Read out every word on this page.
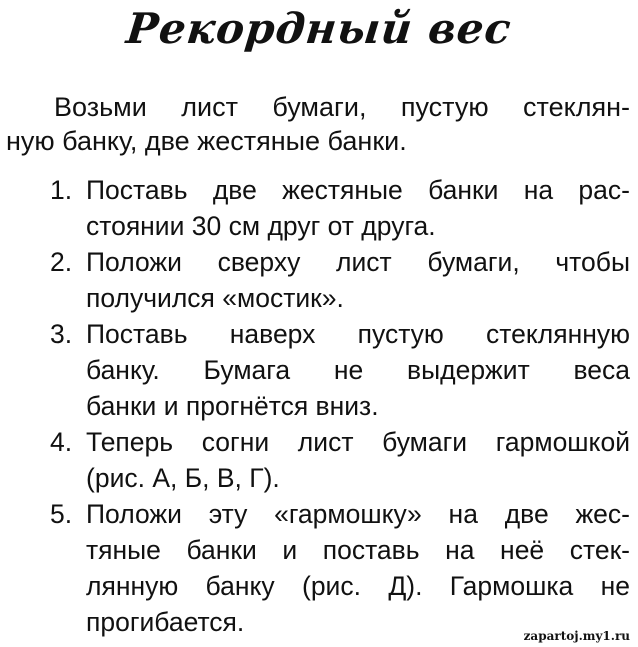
Рекордный вес
Возьми лист бумаги, пустую стеклян-
ную банку, две жестяные банки.
1. Поставь две жестяные банки на рас-
стоянии 30 см друг от друга.
2. Положи сверху лист бумаги, чтобы
получился «мостик».
3. Поставь наверх пустую стеклянную
банку. Бумага не выдержит веса
банки и прогнётся вниз.
4. Теперь согни лист бумаги гармошкой
(рис. А, Б, В, Г).
5. Положи эту «гармошку» на две жес-
тяные банки и поставь на неё стек-
лянную банку (рис. Д). Гармошка не
прогибается.	zapartoj.my1.ru
